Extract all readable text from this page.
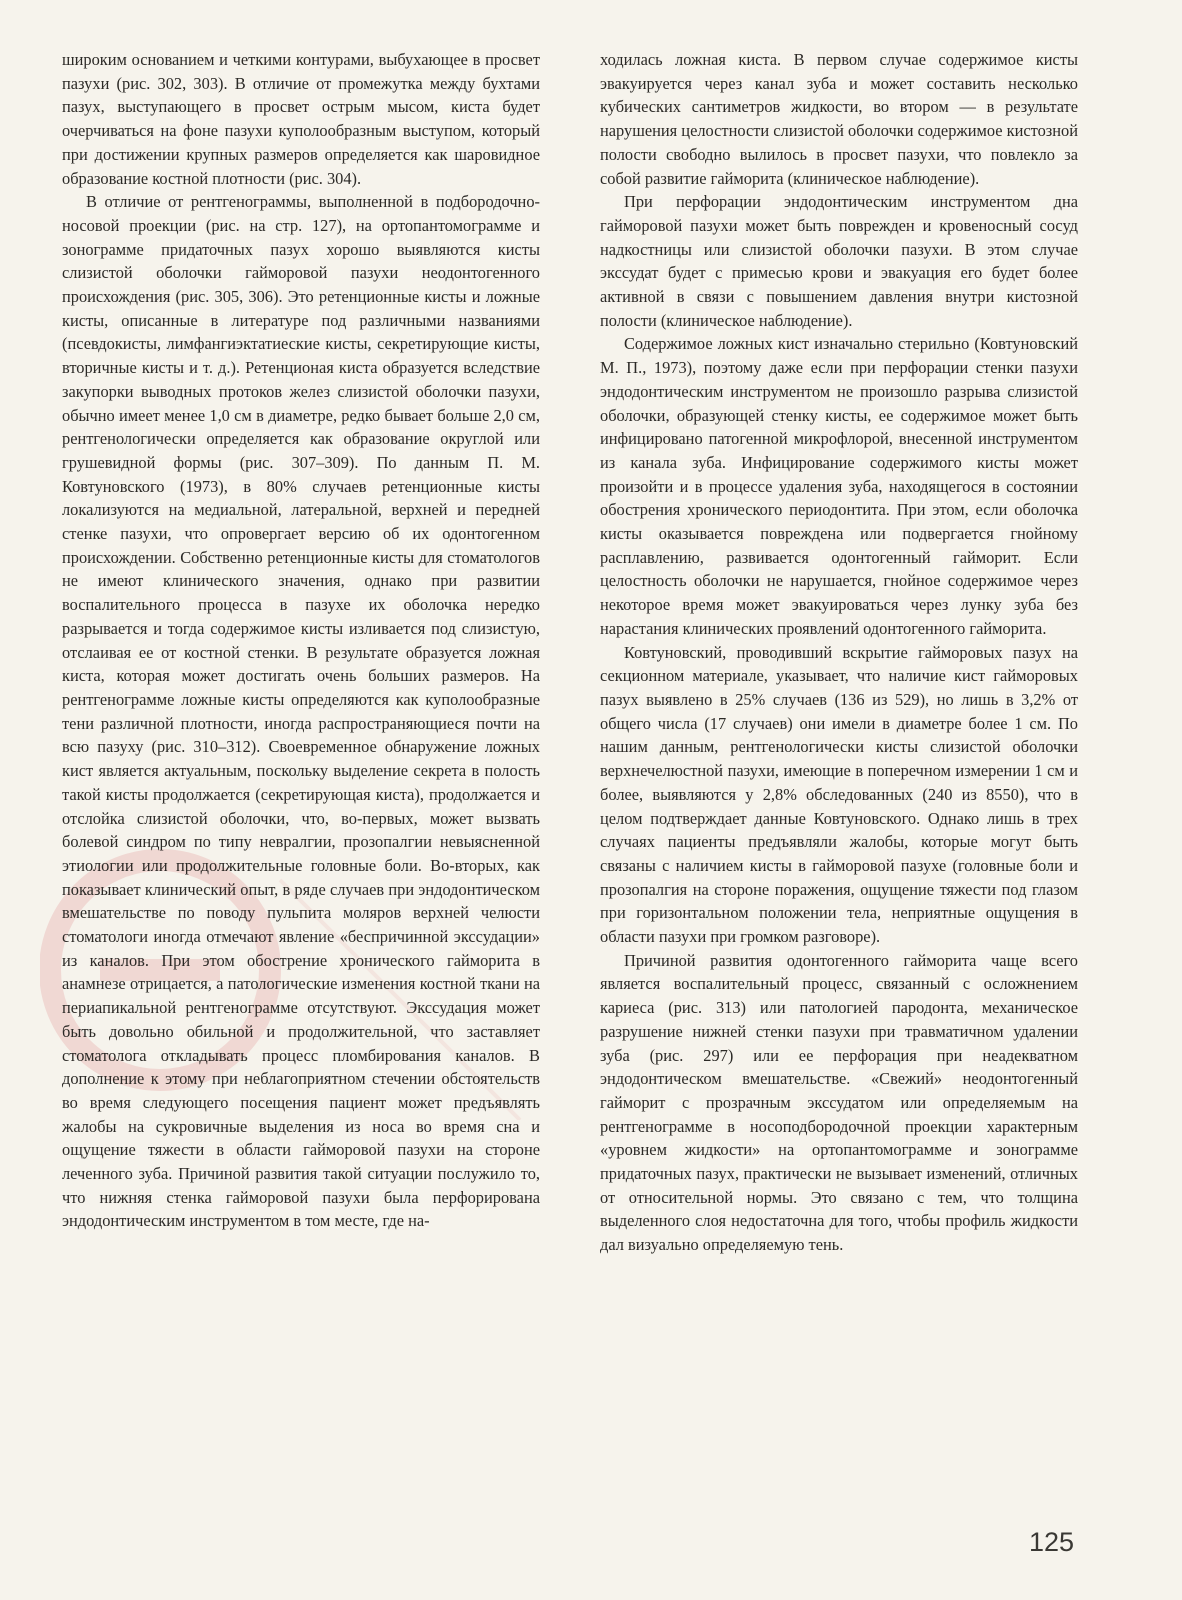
широким основанием и четкими контурами, выбухающее в просвет пазухи (рис. 302, 303). В отличие от промежутка между бухтами пазух, выступающего в просвет острым мысом, киста будет очерчиваться на фоне пазухи куполообразным выступом, который при достижении крупных размеров определяется как шаровидное образование костной плотности (рис. 304).

В отличие от рентгенограммы, выполненной в подбородочно-носовой проекции (рис. на стр. 127), на ортопантомограмме и зонограмме придаточных пазух хорошо выявляются кисты слизистой оболочки гайморовой пазухи неодонтогенного происхождения (рис. 305, 306). Это ретенционные кисты и ложные кисты, описанные в литературе под различными названиями (псевдокисты, лимфангиэктатиеские кисты, секретирующие кисты, вторичные кисты и т. д.). Ретенционая киста образуется вследствие закупорки выводных протоков желез слизистой оболочки пазухи, обычно имеет менее 1,0 см в диаметре, редко бывает больше 2,0 см, рентгенологически определяется как образование округлой или грушевидной формы (рис. 307–309). По данным П. М. Ковтуновского (1973), в 80% случаев ретенционные кисты локализуются на медиальной, латеральной, верхней и передней стенке пазухи, что опровергает версию об их одонтогенном происхождении. Собственно ретенционные кисты для стоматологов не имеют клинического значения, однако при развитии воспалительного процесса в пазухе их оболочка нередко разрывается и тогда содержимое кисты изливается под слизистую, отслаивая ее от костной стенки. В результате образуется ложная киста, которая может достигать очень больших размеров. На рентгенограмме ложные кисты определяются как куполообразные тени различной плотности, иногда распространяющиеся почти на всю пазуху (рис. 310–312). Своевременное обнаружение ложных кист является актуальным, поскольку выделение секрета в полость такой кисты продолжается (секретирующая киста), продолжается и отслойка слизистой оболочки, что, во-первых, может вызвать болевой синдром по типу невралгии, прозопалгии невыясненной этиологии или продолжительные головные боли. Во-вторых, как показывает клинический опыт, в ряде случаев при эндодонтическом вмешательстве по поводу пульпита моляров верхней челюсти стоматологи иногда отмечают явление «беспричинной экссудации» из каналов. При этом обострение хронического гайморита в анамнезе отрицается, а патологические изменения костной ткани на периапикальной рентгенограмме отсутствуют. Экссудация может быть довольно обильной и продолжительной, что заставляет стоматолога откладывать процесс пломбирования каналов. В дополнение к этому при неблагоприятном стечении обстоятельств во время следующего посещения пациент может предъявлять жалобы на сукровичные выделения из носа во время сна и ощущение тяжести в области гайморовой пазухи на стороне леченного зуба. Причиной развития такой ситуации послужило то, что нижняя стенка гайморовой пазухи была перфорирована эндодонтическим инструментом в том месте, где на-

ходилась ложная киста. В первом случае содержимое кисты эвакуируется через канал зуба и может составить несколько кубических сантиметров жидкости, во втором — в результате нарушения целостности слизистой оболочки содержимое кистозной полости свободно вылилось в просвет пазухи, что повлекло за собой развитие гайморита (клиническое наблюдение).

При перфорации эндодонтическим инструментом дна гайморовой пазухи может быть поврежден и кровеносный сосуд надкостницы или слизистой оболочки пазухи. В этом случае экссудат будет с примесью крови и эвакуация его будет более активной в связи с повышением давления внутри кистозной полости (клиническое наблюдение).

Содержимое ложных кист изначально стерильно (Ковтуновский М. П., 1973), поэтому даже если при перфорации стенки пазухи эндодонтическим инструментом не произошло разрыва слизистой оболочки, образующей стенку кисты, ее содержимое может быть инфицировано патогенной микрофлорой, внесенной инструментом из канала зуба. Инфицирование содержимого кисты может произойти и в процессе удаления зуба, находящегося в состоянии обострения хронического периодонтита. При этом, если оболочка кисты оказывается повреждена или подвергается гнойному расплавлению, развивается одонтогенный гайморит. Если целостность оболочки не нарушается, гнойное содержимое через некоторое время может эвакуироваться через лунку зуба без нарастания клинических проявлений одонтогенного гайморита.

Ковтуновский, проводивший вскрытие гайморовых пазух на секционном материале, указывает, что наличие кист гайморовых пазух выявлено в 25% случаев (136 из 529), но лишь в 3,2% от общего числа (17 случаев) они имели в диаметре более 1 см. По нашим данным, рентгенологически кисты слизистой оболочки верхнечелюстной пазухи, имеющие в поперечном измерении 1 см и более, выявляются у 2,8% обследованных (240 из 8550), что в целом подтверждает данные Ковтуновского. Однако лишь в трех случаях пациенты предъявляли жалобы, которые могут быть связаны с наличием кисты в гайморовой пазухе (головные боли и прозопалгия на стороне поражения, ощущение тяжести под глазом при горизонтальном положении тела, неприятные ощущения в области пазухи при громком разговоре).

Причиной развития одонтогенного гайморита чаще всего является воспалительный процесс, связанный с осложнением кариеса (рис. 313) или патологией пародонта, механическое разрушение нижней стенки пазухи при травматичном удалении зуба (рис. 297) или ее перфорация при неадекватном эндодонтическом вмешательстве. «Свежий» неодонтогенный гайморит с прозрачным экссудатом или определяемым на рентгенограмме в носоподбородочной проекции характерным «уровнем жидкости» на ортопантомограмме и зонограмме придаточных пазух, практически не вызывает изменений, отличных от относительной нормы. Это связано с тем, что толщина выделенного слоя недостаточна для того, чтобы профиль жидкости дал визуально определяемую тень.

125
